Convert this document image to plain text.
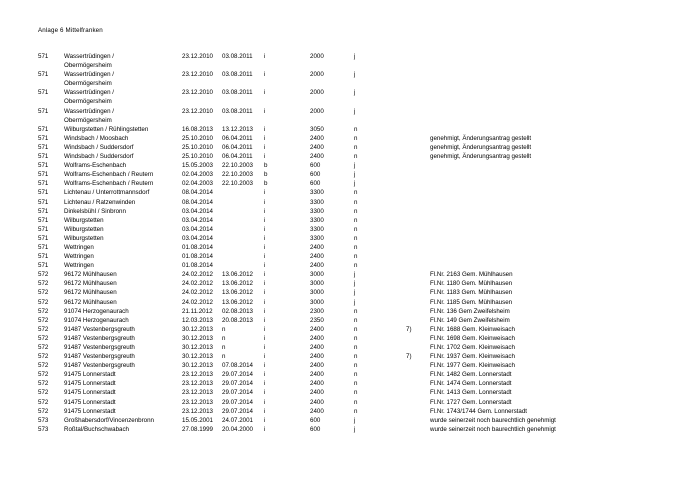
Anlage 6 Mittelfranken
571	Wassertrüdingen /	23.12.2010	03.08.2011	i	2000	j		
	Obermögersheim							
571	Wassertrüdingen /	23.12.2010	03.08.2011	i	2000	j		
	Obermögersheim							
571	Wassertrüdingen /	23.12.2010	03.08.2011	i	2000	j		
	Obermögersheim							
571	Wassertrüdingen /	23.12.2010	03.08.2011	i	2000	j		
	Obermögersheim							
571	Wilburgstetten / Rühlingstetten	16.08.2013	13.12.2013	i	3050	n		
571	Windsbach / Moosbach	25.10.2010	06.04.2011	i	2400	n		genehmigt, Änderungsantrag gestellt
571	Windsbach / Suddersdorf	25.10.2010	06.04.2011	i	2400	n		genehmigt, Änderungsantrag gestellt
571	Windsbach / Suddersdorf	25.10.2010	06.04.2011	i	2400	n		genehmigt, Änderungsantrag gestellt
571	Wolframs-Eschenbach	15.05.2003	22.10.2003	b	600	j		
571	Wolframs-Eschenbach / Reutern	02.04.2003	22.10.2003	b	600	j		
571	Wolframs-Eschenbach / Reutern	02.04.2003	22.10.2003	b	600	j		
571	Lichtenau / Unterrottmannsdorf	08.04.2014		i	3300	n		
571	Lichtenau / Ratzenwinden	08.04.2014		i	3300	n		
571	Dinkelsbühl / Sinbronn	03.04.2014		i	3300	n		
571	Wilburgstetten	03.04.2014		i	3300	n		
571	Wilburgstetten	03.04.2014		i	3300	n		
571	Wilburgstetten	03.04.2014		i	3300	n		
571	Wettringen	01.08.2014		i	2400	n		
571	Wettringen	01.08.2014		i	2400	n		
571	Wettringen	01.08.2014		i	2400	n		
572	96172 Mühlhausen	24.02.2012	13.06.2012	i	3000	j		Fl.Nr. 2163 Gem. Mühlhausen
572	96172 Mühlhausen	24.02.2012	13.06.2012	i	3000	j		Fl.Nr. 1180 Gem. Mühlhausen
572	96172 Mühlhausen	24.02.2012	13.06.2012	i	3000	j		Fl.Nr. 1183 Gem. Mühlhausen
572	96172 Mühlhausen	24.02.2012	13.06.2012	i	3000	j		Fl.Nr. 1185 Gem. Mühlhausen
572	91074 Herzogenaurach	21.11.2012	02.08.2013	i	2300	n		Fl.Nr. 136 Gem Zweifelsheim
572	91074 Herzogenaurach	12.03.2013	20.08.2013	i	2350	n		Fl.Nr. 149 Gem Zweifelsheim
572	91487 Vestenbergsgreuth	30.12.2013	n	i	2400	n	7)	Fl.Nr. 1688 Gem. Kleinweisach
572	91487 Vestenbergsgreuth	30.12.2013	n	i	2400	n		Fl.Nr. 1698 Gem. Kleinweisach
572	91487 Vestenbergsgreuth	30.12.2013	n	i	2400	n		Fl.Nr. 1702 Gem. Kleinweisach
572	91487 Vestenbergsgreuth	30.12.2013	n	i	2400	n	7)	Fl.Nr. 1937 Gem. Kleinweisach
572	91487 Vestenbergsgreuth	30.12.2013	07.08.2014	i	2400	n		Fl.Nr. 1977 Gem. Kleinweisach
572	91475 Lonnerstadt	23.12.2013	29.07.2014	i	2400	n		Fl.Nr. 1482 Gem. Lonnerstadt
572	91475 Lonnerstadt	23.12.2013	29.07.2014	i	2400	n		Fl.Nr. 1474 Gem. Lonnerstadt
572	91475 Lonnerstadt	23.12.2013	29.07.2014	i	2400	n		Fl.Nr. 1413 Gem. Lonnerstadt
572	91475 Lonnerstadt	23.12.2013	29.07.2014	i	2400	n		Fl.Nr. 1727 Gem. Lonnerstadt
572	91475 Lonnerstadt	23.12.2013	29.07.2014	i	2400	n		Fl.Nr. 1743/1744 Gem. Lonnerstadt
573	Großhabersdorf/Vincenzenbronn	15.05.2001	24.07.2001	i	600	j		wurde seinerzeit noch baurechtlich genehmigt
573	Roßtal/Buchschwabach	27.08.1999	20.04.2000	i	600	j		wurde seinerzeit noch baurechtlich genehmigt
